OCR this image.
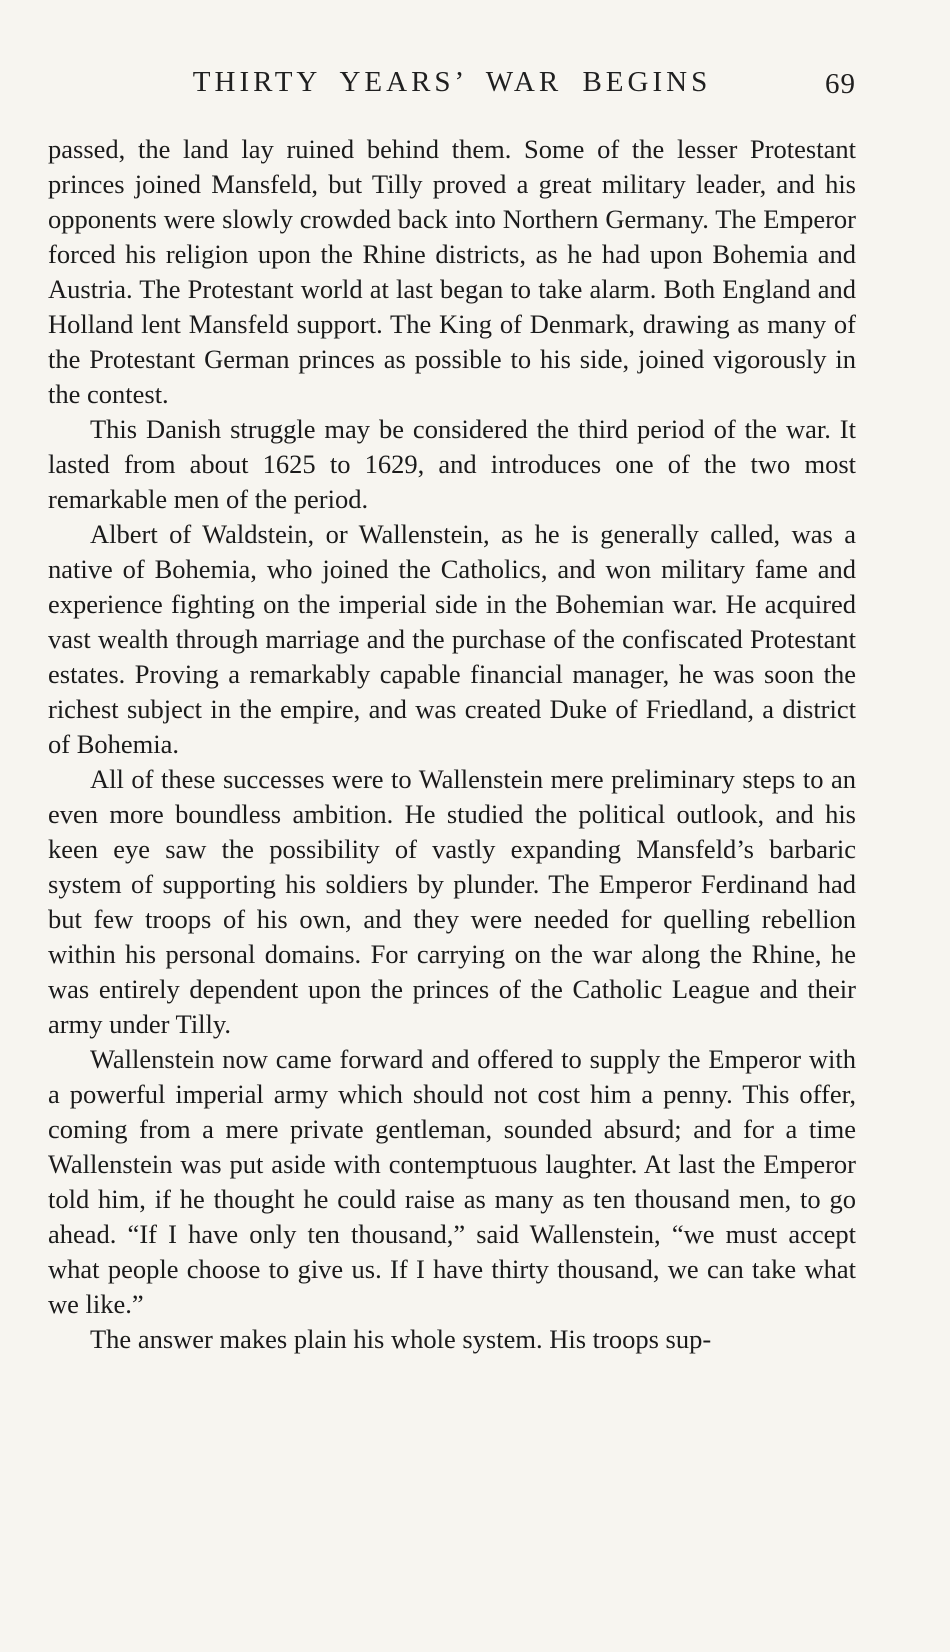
THIRTY YEARS’ WAR BEGINS	69

passed, the land lay ruined behind them. Some of the lesser Protestant princes joined Mansfeld, but Tilly proved a great military leader, and his opponents were slowly crowded back into Northern Germany. The Emperor forced his religion upon the Rhine districts, as he had upon Bohemia and Austria. The Protestant world at last began to take alarm. Both England and Holland lent Mansfeld support. The King of Denmark, drawing as many of the Protestant German princes as possible to his side, joined vigorously in the contest.

This Danish struggle may be considered the third period of the war. It lasted from about 1625 to 1629, and introduces one of the two most remarkable men of the period.

Albert of Waldstein, or Wallenstein, as he is generally called, was a native of Bohemia, who joined the Catholics, and won military fame and experience fighting on the imperial side in the Bohemian war. He acquired vast wealth through marriage and the purchase of the confiscated Protestant estates. Proving a remarkably capable financial manager, he was soon the richest subject in the empire, and was created Duke of Friedland, a district of Bohemia.

All of these successes were to Wallenstein mere preliminary steps to an even more boundless ambition. He studied the political outlook, and his keen eye saw the possibility of vastly expanding Mansfeld’s barbaric system of supporting his soldiers by plunder. The Emperor Ferdinand had but few troops of his own, and they were needed for quelling rebellion within his personal domains. For carrying on the war along the Rhine, he was entirely dependent upon the princes of the Catholic League and their army under Tilly.

Wallenstein now came forward and offered to supply the Emperor with a powerful imperial army which should not cost him a penny. This offer, coming from a mere private gentleman, sounded absurd; and for a time Wallenstein was put aside with contemptuous laughter. At last the Emperor told him, if he thought he could raise as many as ten thousand men, to go ahead. “If I have only ten thousand,” said Wallenstein, “we must accept what people choose to give us. If I have thirty thousand, we can take what we like.”

The answer makes plain his whole system. His troops sup-
